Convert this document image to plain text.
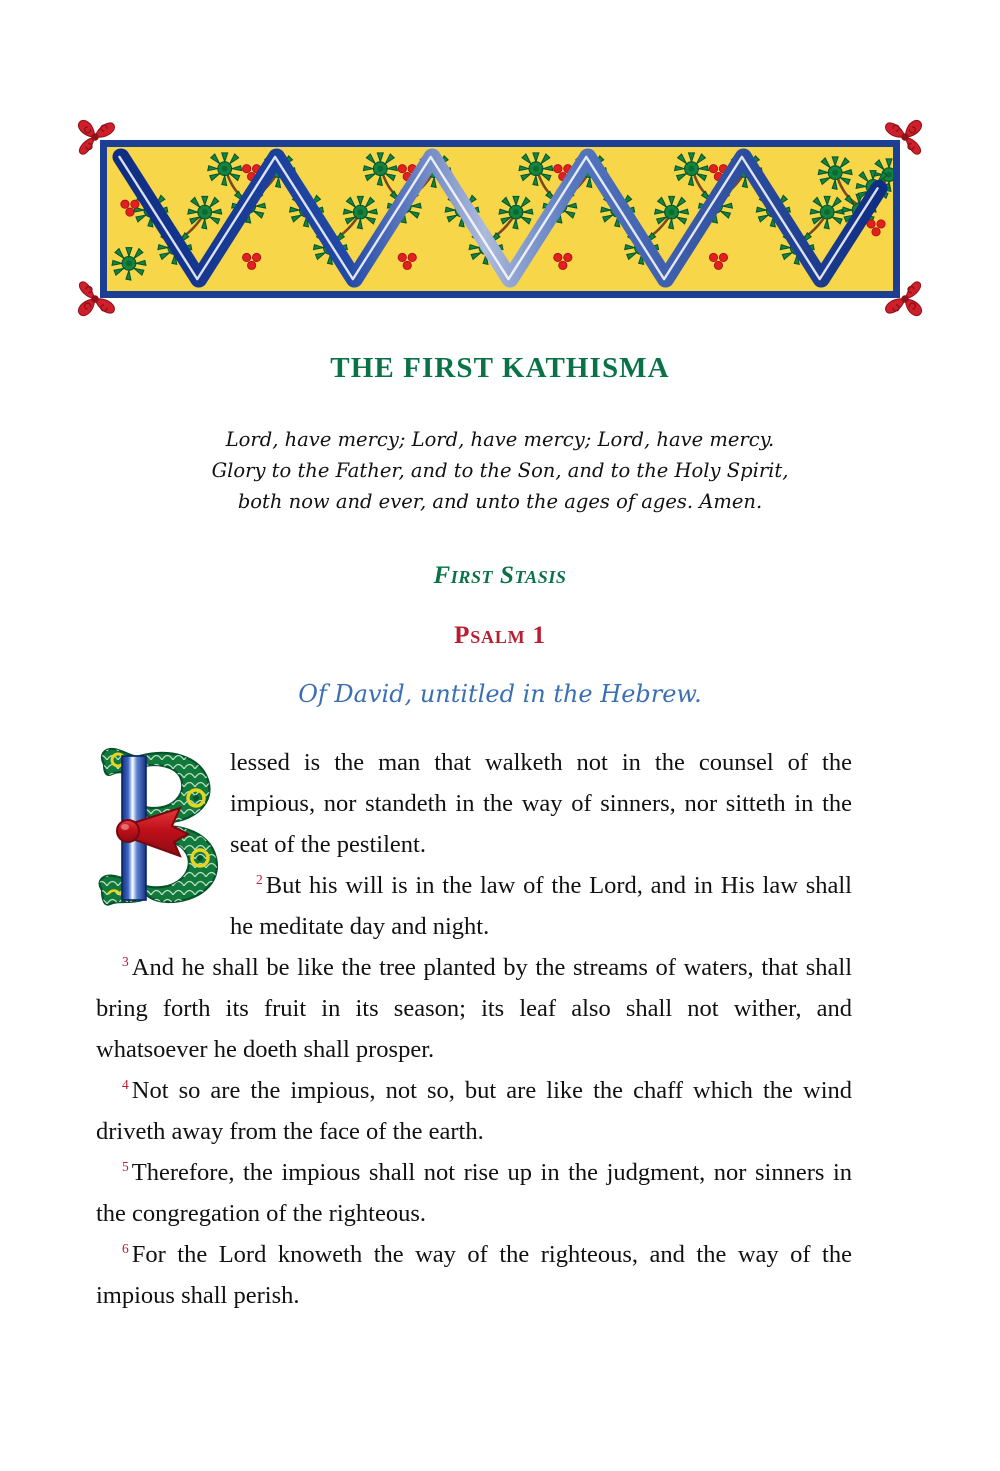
THE FIRST KATHISMA
Lord, have mercy; Lord, have mercy; Lord, have mercy.
Glory to the Father, and to the Son, and to the Holy Spirit,
both now and ever, and unto the ages of ages. Amen.
First Stasis
Psalm 1
Of David, untitled in the Hebrew.

lessed is the man that walketh not in the counsel of the impious, nor standeth in the way of sinners, nor sitteth in the seat of the pestilent.

$^2$ But his will is in the law of the Lord, and in His law shall he meditate day and night.

$^3$ And he shall be like the tree planted by the streams of waters, that shall bring forth its fruit in its season; its leaf also shall not wither, and whatsoever he doeth shall prosper.

$^4$ Not so are the impious, not so, but are like the chaff which the wind driveth away from the face of the earth.

$^5$ Therefore, the impious shall not rise up in the judgment, nor sinners in the congregation of the righteous.

$^6$ For the Lord knoweth the way of the righteous, and the way of the impious shall perish.
